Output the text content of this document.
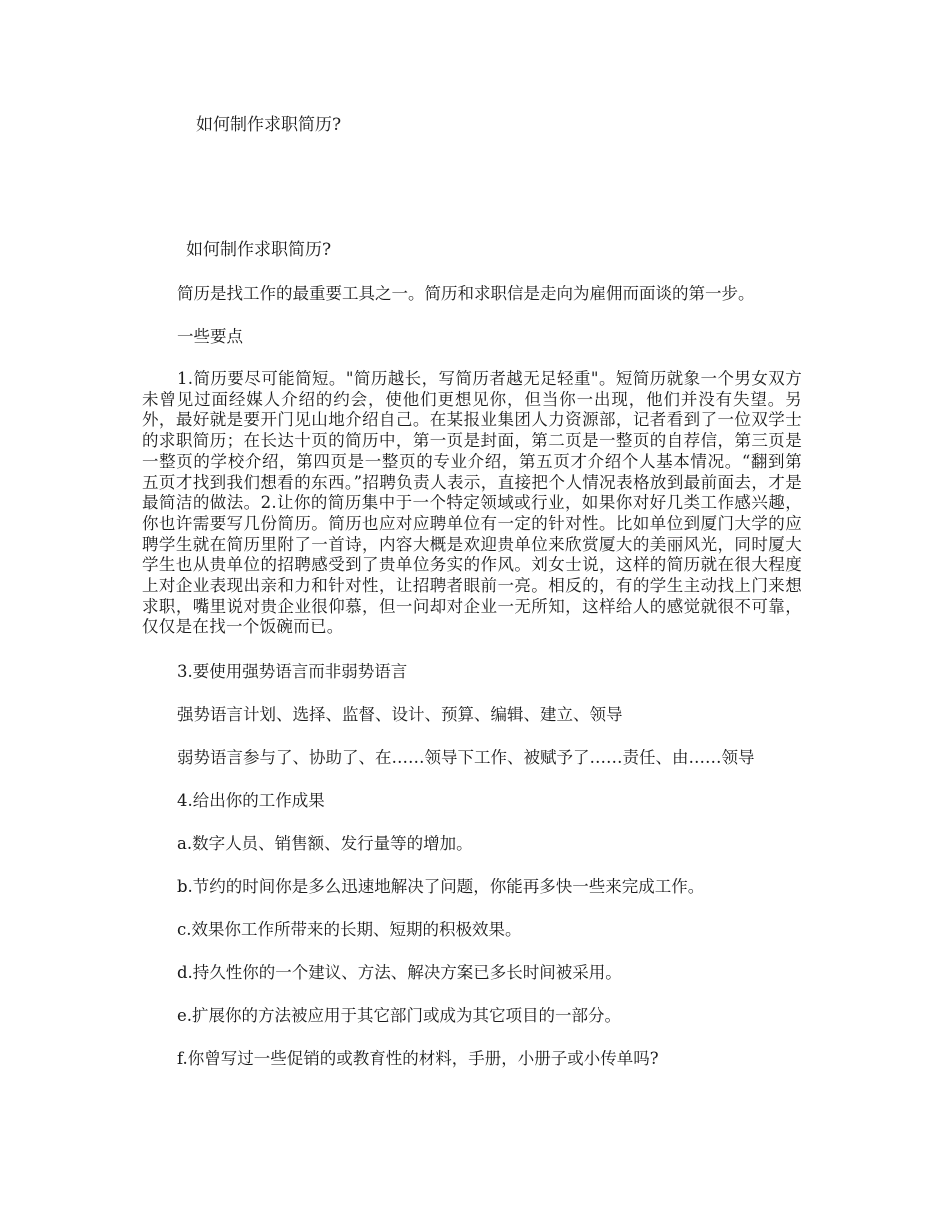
如何制作求职简历?

如何制作求职简历?

简历是找工作的最重要工具之一。简历和求职信是走向为雇佣而面谈的第一步。

一些要点

1.简历要尽可能简短。"简历越长，写简历者越无足轻重"。短简历就象一个男女双方未曾见过面经媒人介绍的约会，使他们更想见你，但当你一出现，他们并没有失望。另外，最好就是要开门见山地介绍自己。在某报业集团人力资源部，记者看到了一位双学士的求职简历；在长达十页的简历中，第一页是封面，第二页是一整页的自荐信，第三页是一整页的学校介绍，第四页是一整页的专业介绍，第五页才介绍个人基本情况。“翻到第五页才找到我们想看的东西。”招聘负责人表示，直接把个人情况表格放到最前面去，才是最简洁的做法。2.让你的简历集中于一个特定领域或行业，如果你对好几类工作感兴趣，你也许需要写几份简历。简历也应对应聘单位有一定的针对性。比如单位到厦门大学的应聘学生就在简历里附了一首诗，内容大概是欢迎贵单位来欣赏厦大的美丽风光，同时厦大学生也从贵单位的招聘感受到了贵单位务实的作风。刘女士说，这样的简历就在很大程度上对企业表现出亲和力和针对性，让招聘者眼前一亮。相反的，有的学生主动找上门来想求职，嘴里说对贵企业很仰慕，但一问却对企业一无所知，这样给人的感觉就很不可靠，仅仅是在找一个饭碗而已。

3.要使用强势语言而非弱势语言

强势语言计划、选择、监督、设计、预算、编辑、建立、领导

弱势语言参与了、协助了、在……领导下工作、被赋予了……责任、由……领导

4.给出你的工作成果

a.数字人员、销售额、发行量等的增加。

b.节约的时间你是多么迅速地解决了问题，你能再多快一些来完成工作。

c.效果你工作所带来的长期、短期的积极效果。

d.持久性你的一个建议、方法、解决方案已多长时间被采用。

e.扩展你的方法被应用于其它部门或成为其它项目的一部分。

f.你曾写过一些促销的或教育性的材料，手册，小册子或小传单吗?
